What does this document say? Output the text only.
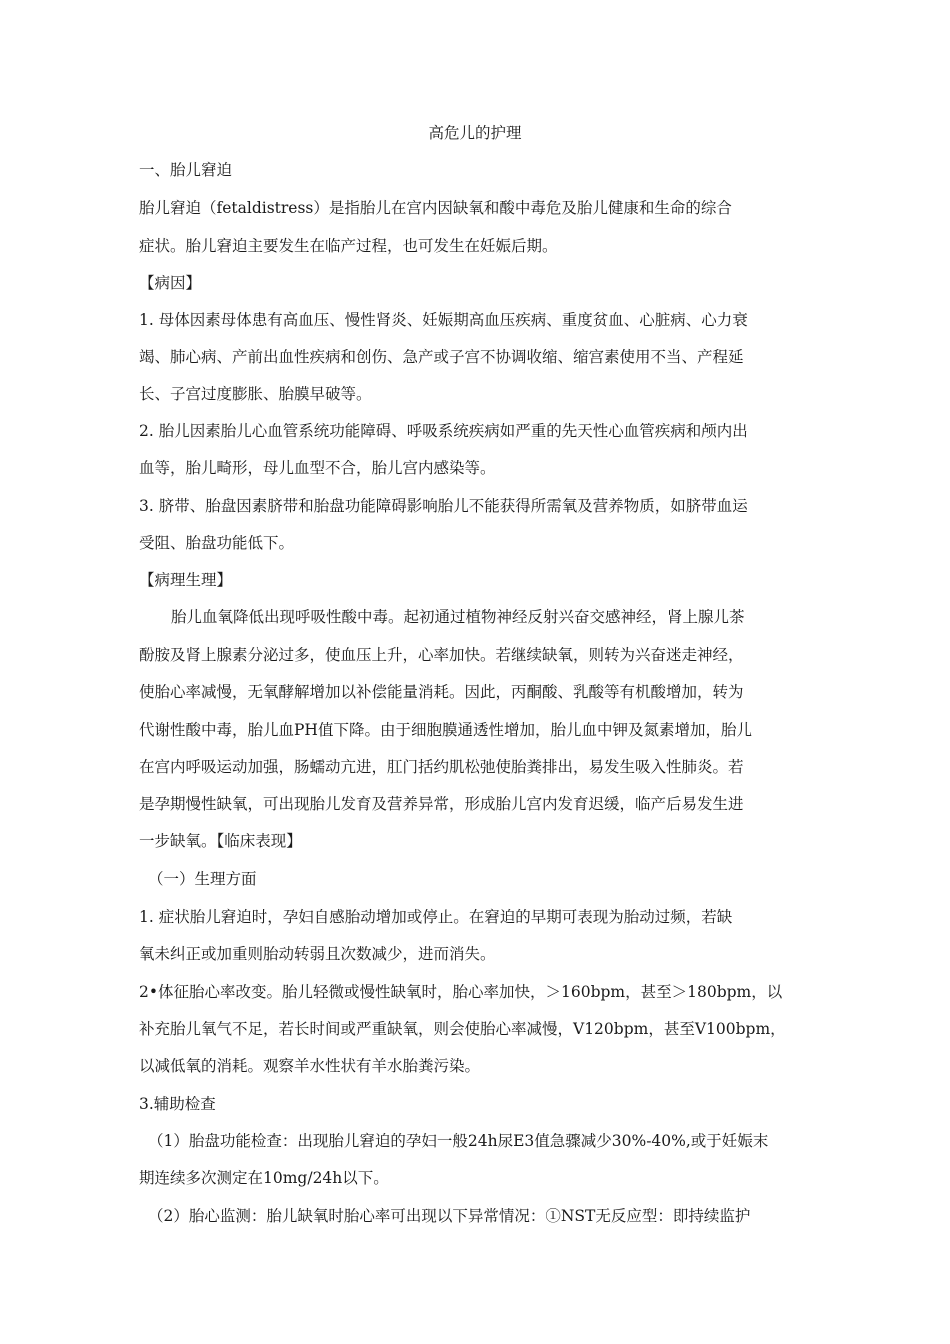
高危儿的护理
一、胎儿窘迫
胎儿窘迫（fetaldistress）是指胎儿在宫内因缺氧和酸中毒危及胎儿健康和生命的综合
症状。胎儿窘迫主要发生在临产过程，也可发生在妊娠后期。
【病因】
1. 母体因素母体患有高血压、慢性肾炎、妊娠期高血压疾病、重度贫血、心脏病、心力衰
竭、肺心病、产前出血性疾病和创伤、急产或子宫不协调收缩、缩宫素使用不当、产程延
长、子宫过度膨胀、胎膜早破等。
2. 胎儿因素胎儿心血管系统功能障碍、呼吸系统疾病如严重的先天性心血管疾病和颅内出
血等，胎儿畸形，母儿血型不合，胎儿宫内感染等。
3. 脐带、胎盘因素脐带和胎盘功能障碍影响胎儿不能获得所需氧及营养物质，如脐带血运
受阻、胎盘功能低下。
【病理生理】
胎儿血氧降低出现呼吸性酸中毒。起初通过植物神经反射兴奋交感神经，肾上腺儿茶
酚胺及肾上腺素分泌过多，使血压上升，心率加快。若继续缺氧，则转为兴奋迷走神经，
使胎心率减慢，无氧酵解增加以补偿能量消耗。因此，丙酮酸、乳酸等有机酸增加，转为
代谢性酸中毒，胎儿血PH值下降。由于细胞膜通透性增加，胎儿血中钾及氮素增加，胎儿
在宫内呼吸运动加强，肠蠕动亢进，肛门括约肌松弛使胎粪排出，易发生吸入性肺炎。若
是孕期慢性缺氧，可出现胎儿发育及营养异常，形成胎儿宫内发育迟缓，临产后易发生进
一步缺氧。【临床表现】
（一）生理方面
1. 症状胎儿窘迫时，孕妇自感胎动增加或停止。在窘迫的早期可表现为胎动过频，若缺
氧未纠正或加重则胎动转弱且次数减少，进而消失。
2•体征胎心率改变。胎儿轻微或慢性缺氧时，胎心率加快，＞160bpm，甚至＞180bpm，以
补充胎儿氧气不足，若长时间或严重缺氧，则会使胎心率减慢，V120bpm，甚至V100bpm，
以减低氧的消耗。观察羊水性状有羊水胎粪污染。
3.辅助检查
（1）胎盘功能检查：出现胎儿窘迫的孕妇一般24h尿E3值急骤减少30%-40%,或于妊娠末
期连续多次测定在10mg/24h以下。
（2）胎心监测：胎儿缺氧时胎心率可出现以下异常情况：①NST无反应型：即持续监护
